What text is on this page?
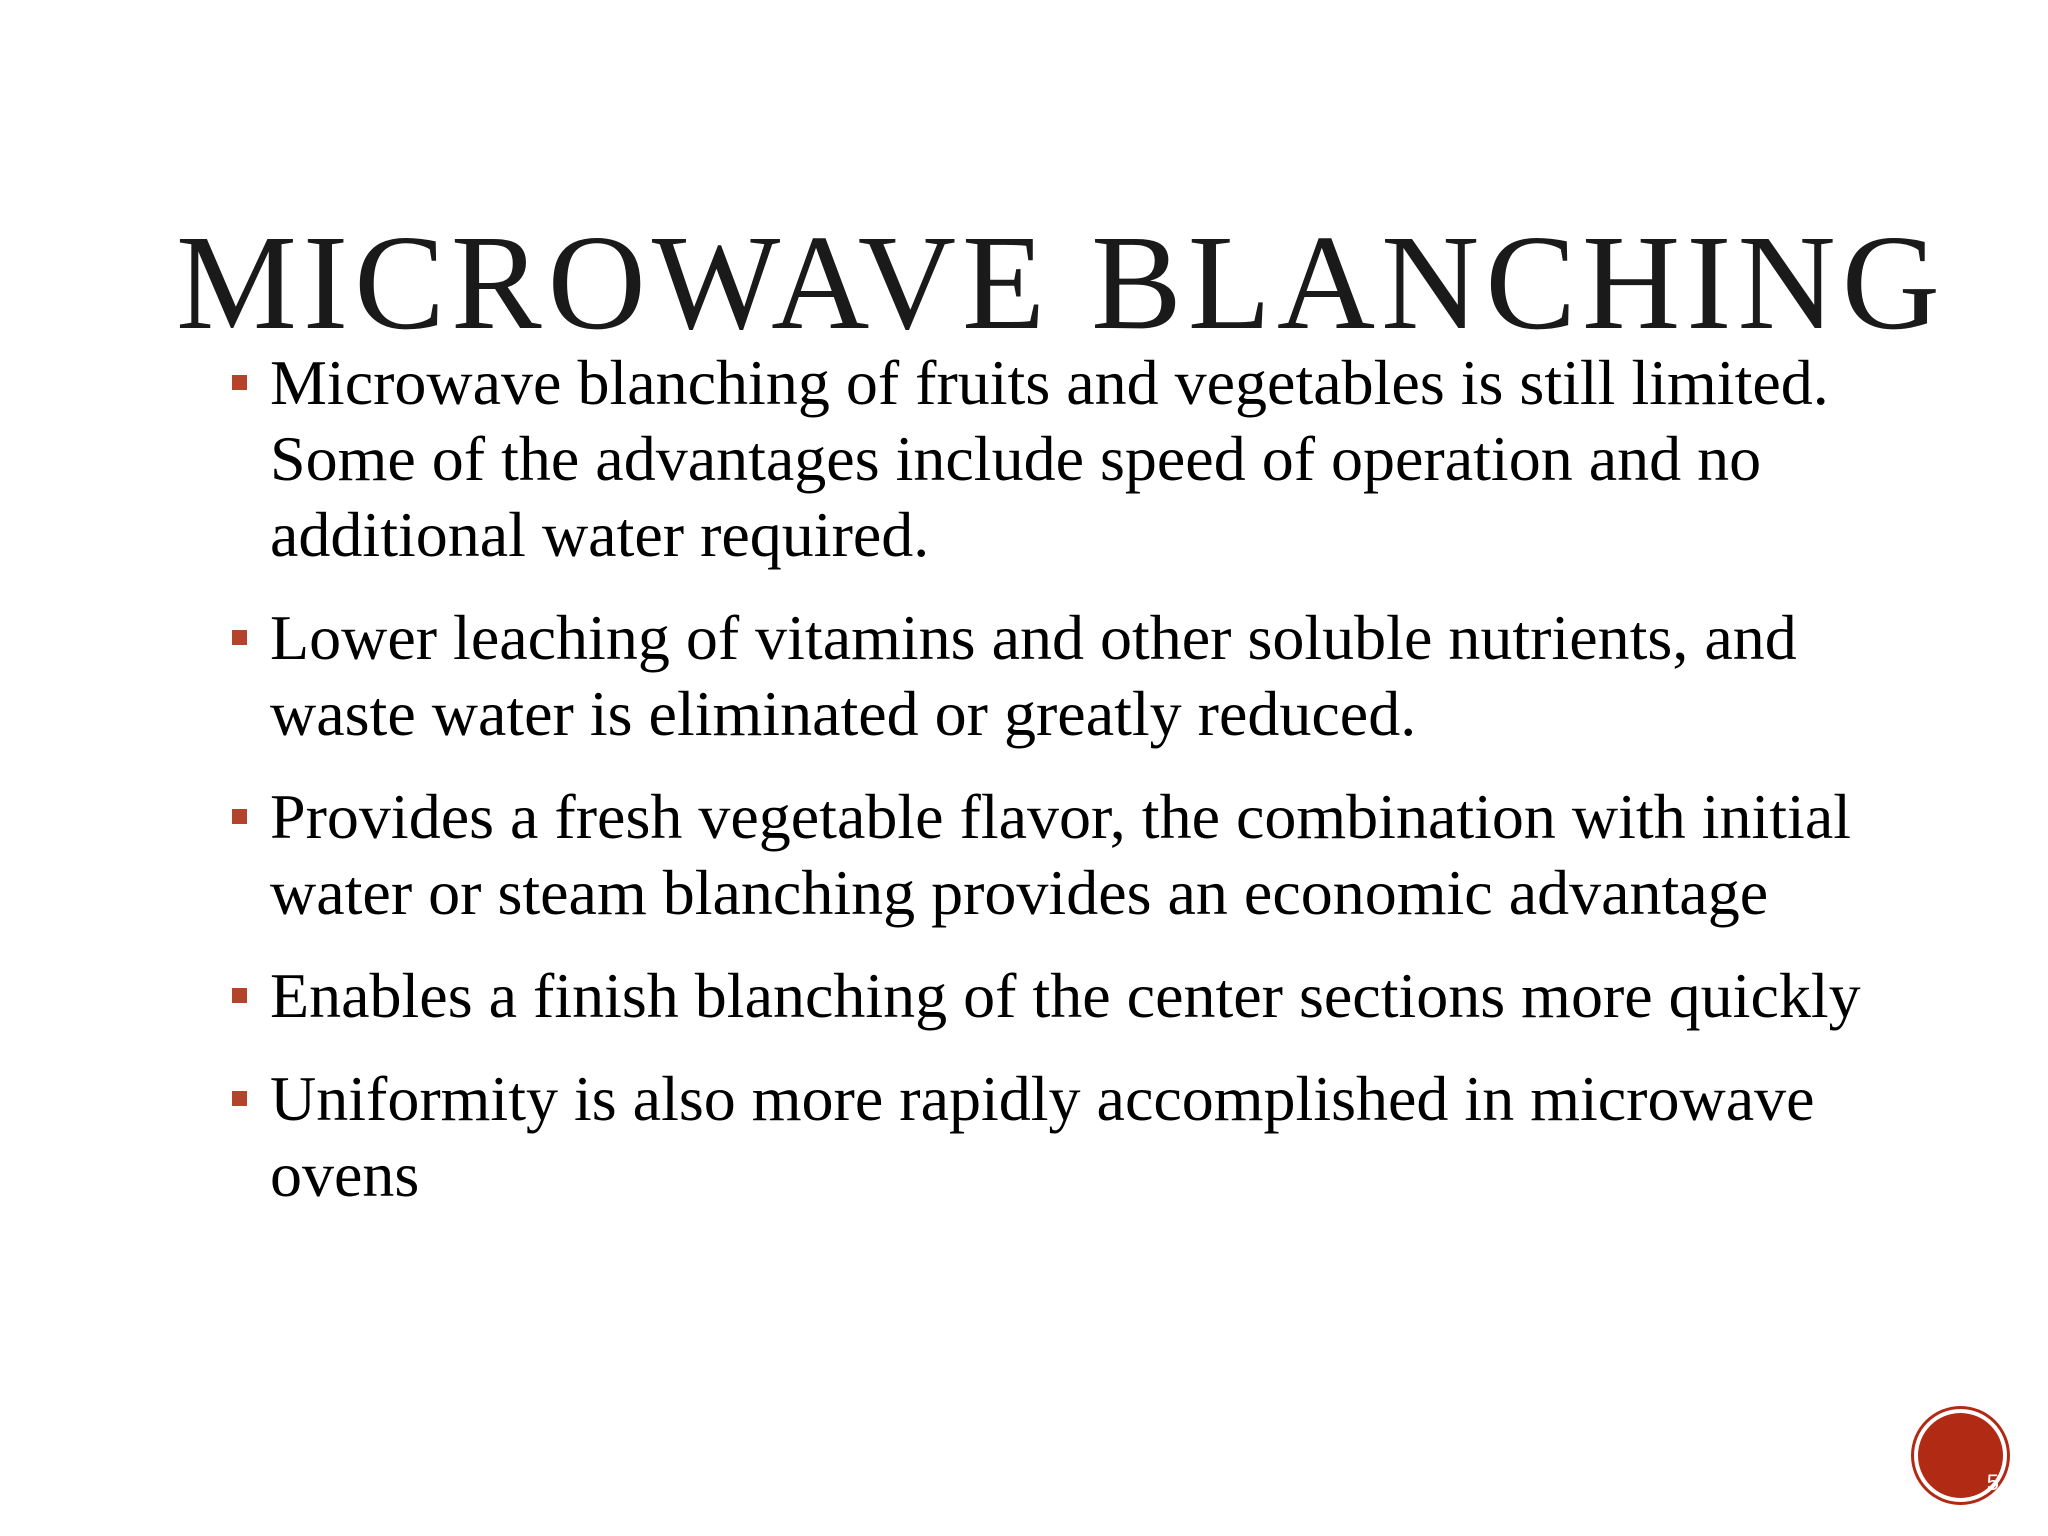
MICROWAVE BLANCHING
Microwave blanching of fruits and vegetables is still limited. Some of the advantages include speed of operation and no additional water required.
Lower leaching of vitamins and other soluble nutrients, and waste water is eliminated or greatly reduced.
Provides a fresh vegetable flavor, the combination with initial water or steam blanching provides an economic advantage
Enables a finish blanching of the center sections more quickly
Uniformity is also more rapidly accomplished in microwave ovens
5
